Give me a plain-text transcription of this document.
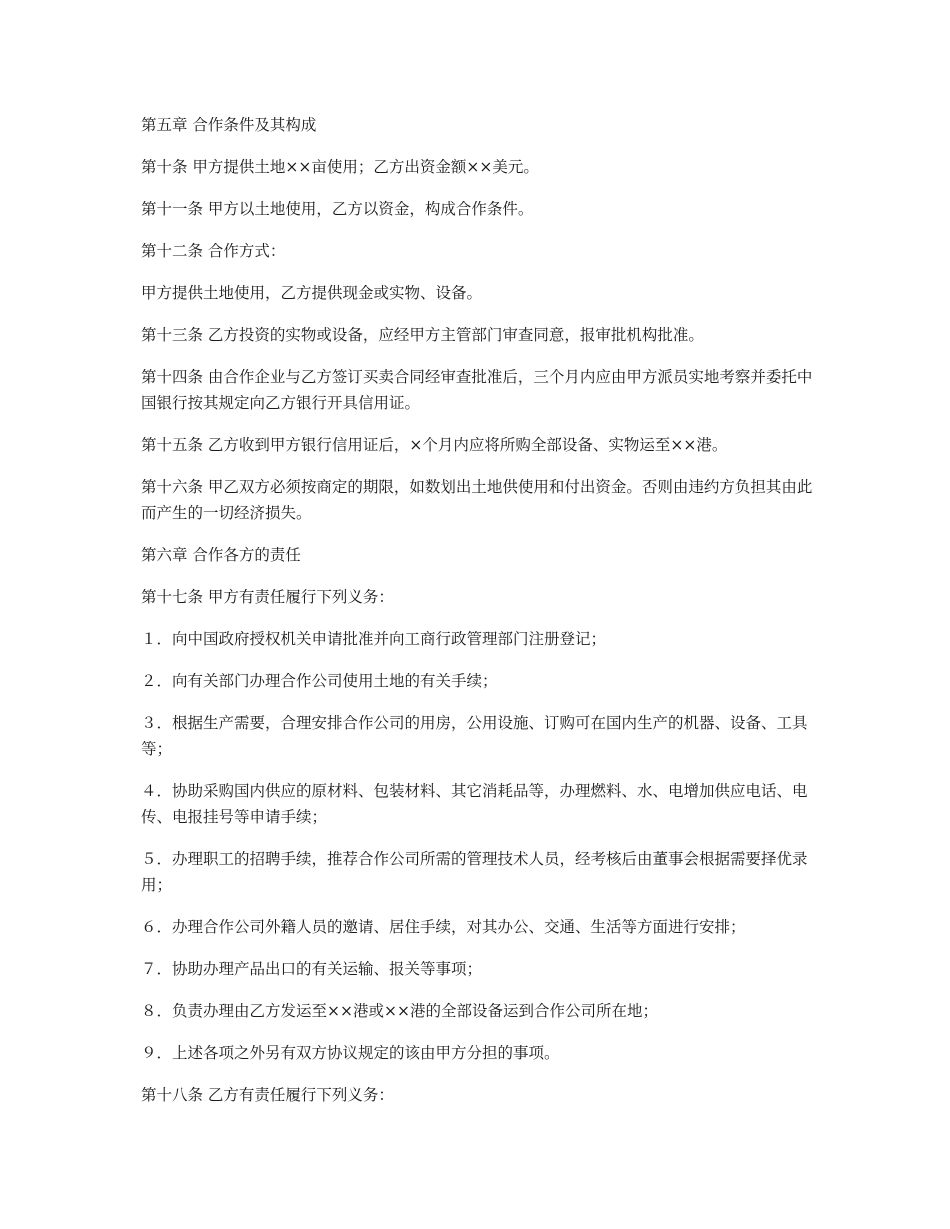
第五章 合作条件及其构成

第十条 甲方提供土地××亩使用；乙方出资金额××美元。

第十一条 甲方以土地使用，乙方以资金，构成合作条件。

第十二条 合作方式：

甲方提供土地使用，乙方提供现金或实物、设备。

第十三条 乙方投资的实物或设备，应经甲方主管部门审查同意，报审批机构批准。

第十四条 由合作企业与乙方签订买卖合同经审查批准后，三个月内应由甲方派员实地考察并委托中国银行按其规定向乙方银行开具信用证。

第十五条 乙方收到甲方银行信用证后，×个月内应将所购全部设备、实物运至××港。

第十六条 甲乙双方必须按商定的期限，如数划出土地供使用和付出资金。否则由违约方负担其由此而产生的一切经济损失。

第六章 合作各方的责任

第十七条 甲方有责任履行下列义务：

１．向中国政府授权机关申请批准并向工商行政管理部门注册登记；

２．向有关部门办理合作公司使用土地的有关手续；

３．根据生产需要，合理安排合作公司的用房，公用设施、订购可在国内生产的机器、设备、工具等；

４．协助采购国内供应的原材料、包装材料、其它消耗品等，办理燃料、水、电增加供应电话、电传、电报挂号等申请手续；

５．办理职工的招聘手续，推荐合作公司所需的管理技术人员，经考核后由董事会根据需要择优录用；

６．办理合作公司外籍人员的邀请、居住手续，对其办公、交通、生活等方面进行安排；

７．协助办理产品出口的有关运输、报关等事项；

８．负责办理由乙方发运至××港或××港的全部设备运到合作公司所在地；

９．上述各项之外另有双方协议规定的该由甲方分担的事项。

第十八条 乙方有责任履行下列义务：
